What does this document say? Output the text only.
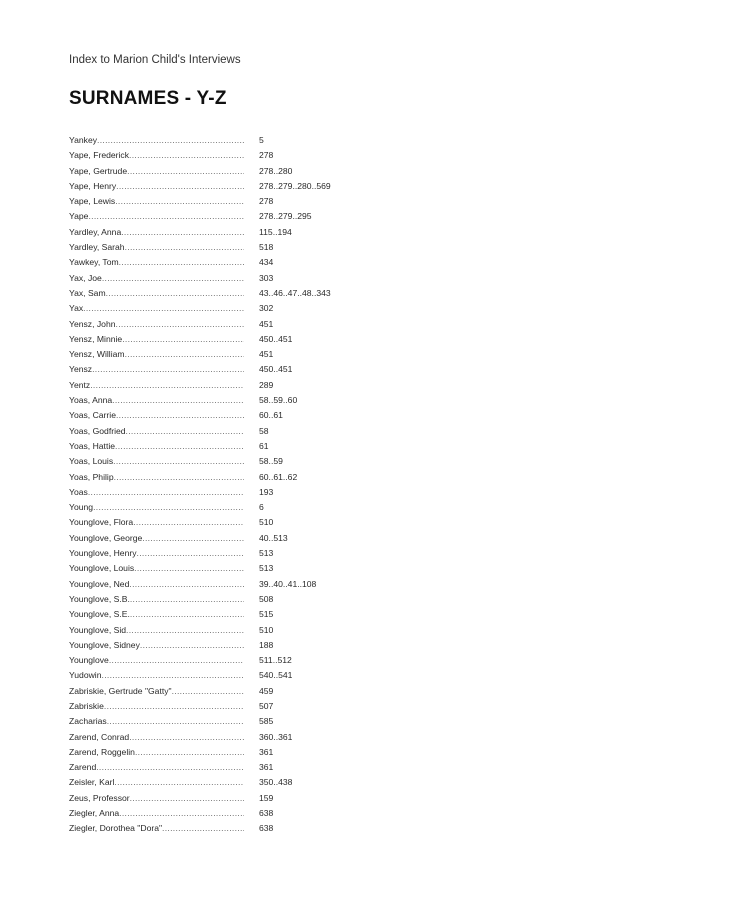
Index to Marion Child's Interviews
SURNAMES - Y-Z
Yankey .....	5
Yape, Frederick .....	278
Yape, Gertrude .....	278..280
Yape, Henry .....	278..279..280..569
Yape, Lewis .....	278
Yape .....	278..279..295
Yardley, Anna .....	115..194
Yardley, Sarah .....	518
Yawkey, Tom .....	434
Yax, Joe .....	303
Yax, Sam .....	43..46..47..48..343
Yax .....	302
Yensz, John .....	451
Yensz, Minnie .....	450..451
Yensz, William .....	451
Yensz .....	450..451
Yentz .....	289
Yoas, Anna .....	58..59..60
Yoas, Carrie .....	60..61
Yoas, Godfried .....	58
Yoas, Hattie .....	61
Yoas, Louis .....	58..59
Yoas, Philip .....	60..61..62
Yoas .....	193
Young .....	6
Younglove, Flora .....	510
Younglove, George .....	40..513
Younglove, Henry .....	513
Younglove, Louis .....	513
Younglove, Ned .....	39..40..41..108
Younglove, S.B. .....	508
Younglove, S.E. .....	515
Younglove, Sid .....	510
Younglove, Sidney .....	188
Younglove .....	511..512
Yudowin .....	540..541
Zabriskie, Gertrude "Gatty" .....	459
Zabriskie .....	507
Zacharias .....	585
Zarend, Conrad .....	360..361
Zarend, Roggelin .....	361
Zarend .....	361
Zeisler, Karl .....	350..438
Zeus, Professor .....	159
Ziegler, Anna .....	638
Ziegler, Dorothea "Dora" .....	638
